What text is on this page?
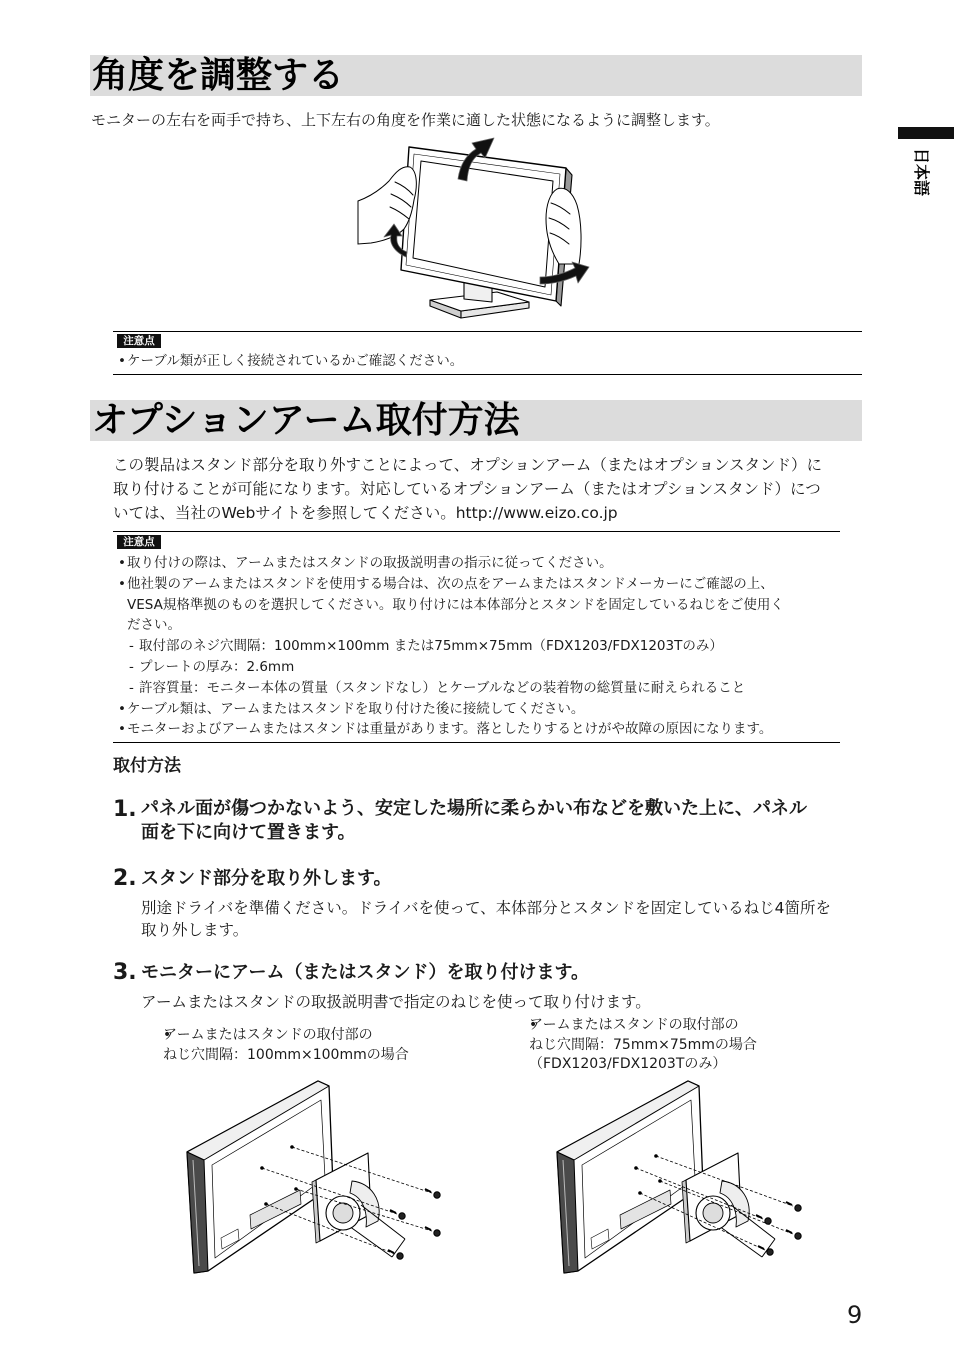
日本語
角度を調整する
モニターの左右を両手で持ち、上下左右の角度を作業に適した状態になるように調整します。
注意点
• ケーブル類が正しく接続されているかご確認ください。
オプションアーム取付方法
この製品はスタンド部分を取り外すことによって、オプションアーム（またはオプションスタンド）に
取り付けることが可能になります。対応しているオプションアーム（またはオプションスタンド）につ
いては、当社のWebサイトを参照してください。http://www.eizo.co.jp
注意点
• 取り付けの際は、アームまたはスタンドの取扱説明書の指示に従ってください。
• 他社製のアームまたはスタンドを使用する場合は、次の点をアームまたはスタンドメーカーにご確認の上、
VESA規格準拠のものを選択してください。取り付けには本体部分とスタンドを固定しているねじをご使用く
ださい。
- 取付部のネジ穴間隔：100mm×100mm または75mm×75mm（FDX1203/FDX1203Tのみ）
- プレートの厚み：2.6mm
- 許容質量：モニター本体の質量（スタンドなし）とケーブルなどの装着物の総質量に耐えられること
• ケーブル類は、アームまたはスタンドを取り付けた後に接続してください。
• モニターおよびアームまたはスタンドは重量があります。落としたりするとけがや故障の原因になります。
取付方法
1. パネル面が傷つかないよう、安定した場所に柔らかい布などを敷いた上に、パネル
面を下に向けて置きます。
2. スタンド部分を取り外します。
別途ドライバを準備ください。ドライバを使って、本体部分とスタンドを固定しているねじ4箇所を
取り外します。
3. モニターにアーム（またはスタンド）を取り付けます。
アームまたはスタンドの取扱説明書で指定のねじを使って取り付けます。
• アームまたはスタンドの取付部の
ねじ穴間隔：100mm×100mmの場合
• アームまたはスタンドの取付部の
ねじ穴間隔：75mm×75mmの場合
（FDX1203/FDX1203Tのみ）
9
